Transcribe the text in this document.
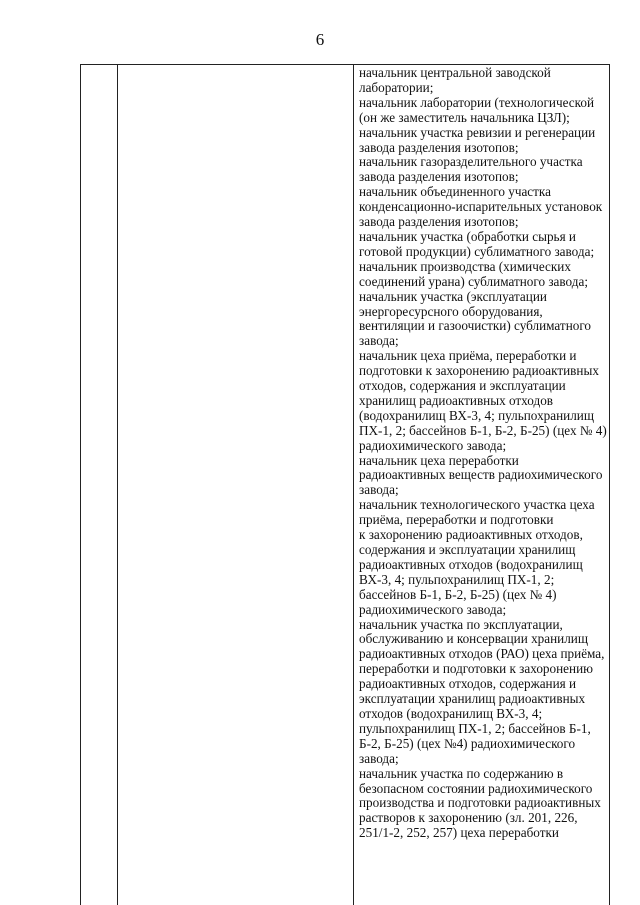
6
начальник центральной заводской
лаборатории;
начальник лаборатории (технологической
(он же заместитель начальника ЦЗЛ);
начальник участка ревизии и регенерации
завода разделения изотопов;
начальник газоразделительного участка
завода разделения изотопов;
начальник объединенного участка
конденсационно-испарительных установок
завода разделения изотопов;
начальник участка (обработки сырья и
готовой продукции) сублиматного завода;
начальник производства (химических
соединений урана) сублиматного завода;
начальник участка (эксплуатации
энергоресурсного оборудования,
вентиляции и газоочистки) сублиматного
завода;
начальник цеха приёма, переработки и
подготовки к захоронению радиоактивных
отходов, содержания и эксплуатации
хранилищ радиоактивных отходов
(водохранилищ ВХ-3, 4; пульпохранилищ
ПХ-1, 2; бассейнов Б-1, Б-2, Б-25) (цех № 4)
радиохимического завода;
начальник цеха переработки
радиоактивных веществ радиохимического
завода;
начальник технологического участка цеха
приёма, переработки и подготовки
к захоронению радиоактивных отходов,
содержания и эксплуатации хранилищ
радиоактивных отходов (водохранилищ
ВХ-3, 4; пульпохранилищ ПХ-1, 2;
бассейнов Б-1, Б-2, Б-25) (цех № 4)
радиохимического завода;
начальник участка по эксплуатации,
обслуживанию и консервации хранилищ
радиоактивных отходов (РАО) цеха приёма,
переработки и подготовки к захоронению
радиоактивных отходов, содержания и
эксплуатации хранилищ радиоактивных
отходов (водохранилищ ВХ-3, 4;
пульпохранилищ ПХ-1, 2; бассейнов Б-1,
Б-2, Б-25) (цех №4) радиохимического
завода;
начальник участка по содержанию в
безопасном состоянии радиохимического
производства и подготовки радиоактивных
растворов к захоронению (зл. 201, 226,
251/1-2, 252, 257) цеха переработки
